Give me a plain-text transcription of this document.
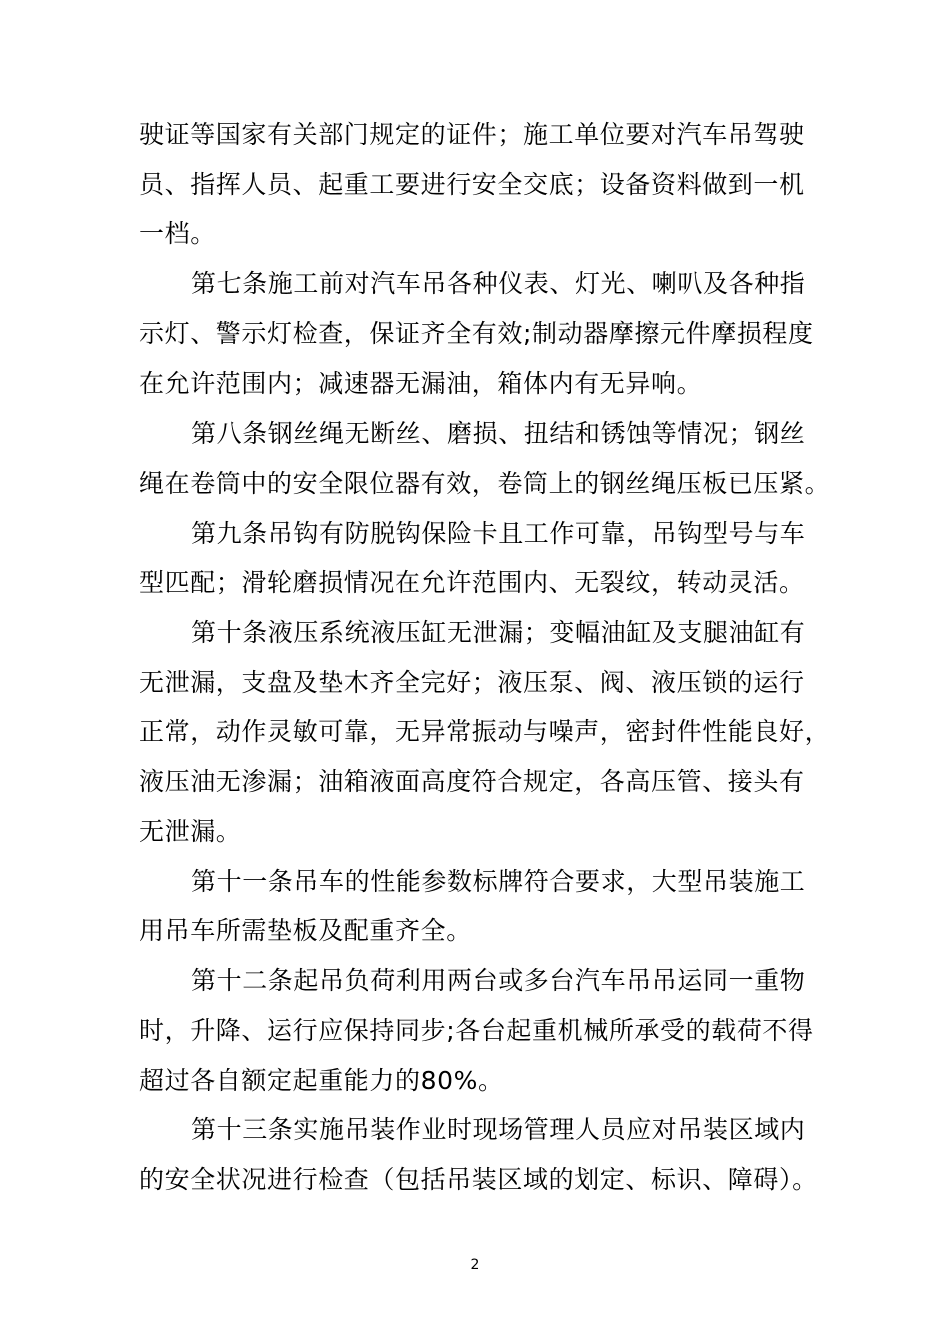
驶证等国家有关部门规定的证件；施工单位要对汽车吊驾驶
员、指挥人员、起重工要进行安全交底；设备资料做到一机
一档。
第七条施工前对汽车吊各种仪表、灯光、喇叭及各种指
示灯、警示灯检查，保证齐全有效;制动器摩擦元件摩损程度
在允许范围内；减速器无漏油，箱体内有无异响。
第八条钢丝绳无断丝、磨损、扭结和锈蚀等情况；钢丝
绳在卷筒中的安全限位器有效，卷筒上的钢丝绳压板已压紧。
第九条吊钩有防脱钩保险卡且工作可靠，吊钩型号与车
型匹配；滑轮磨损情况在允许范围内、无裂纹，转动灵活。
第十条液压系统液压缸无泄漏；变幅油缸及支腿油缸有
无泄漏，支盘及垫木齐全完好；液压泵、阀、液压锁的运行
正常，动作灵敏可靠，无异常振动与噪声，密封件性能良好，
液压油无渗漏；油箱液面高度符合规定，各高压管、接头有
无泄漏。
第十一条吊车的性能参数标牌符合要求，大型吊装施工
用吊车所需垫板及配重齐全。
第十二条起吊负荷利用两台或多台汽车吊吊运同一重物
时，升降、运行应保持同步;各台起重机械所承受的载荷不得
超过各自额定起重能力的80%。
第十三条实施吊装作业时现场管理人员应对吊装区域内
的安全状况进行检查（包括吊装区域的划定、标识、障碍）。
2
